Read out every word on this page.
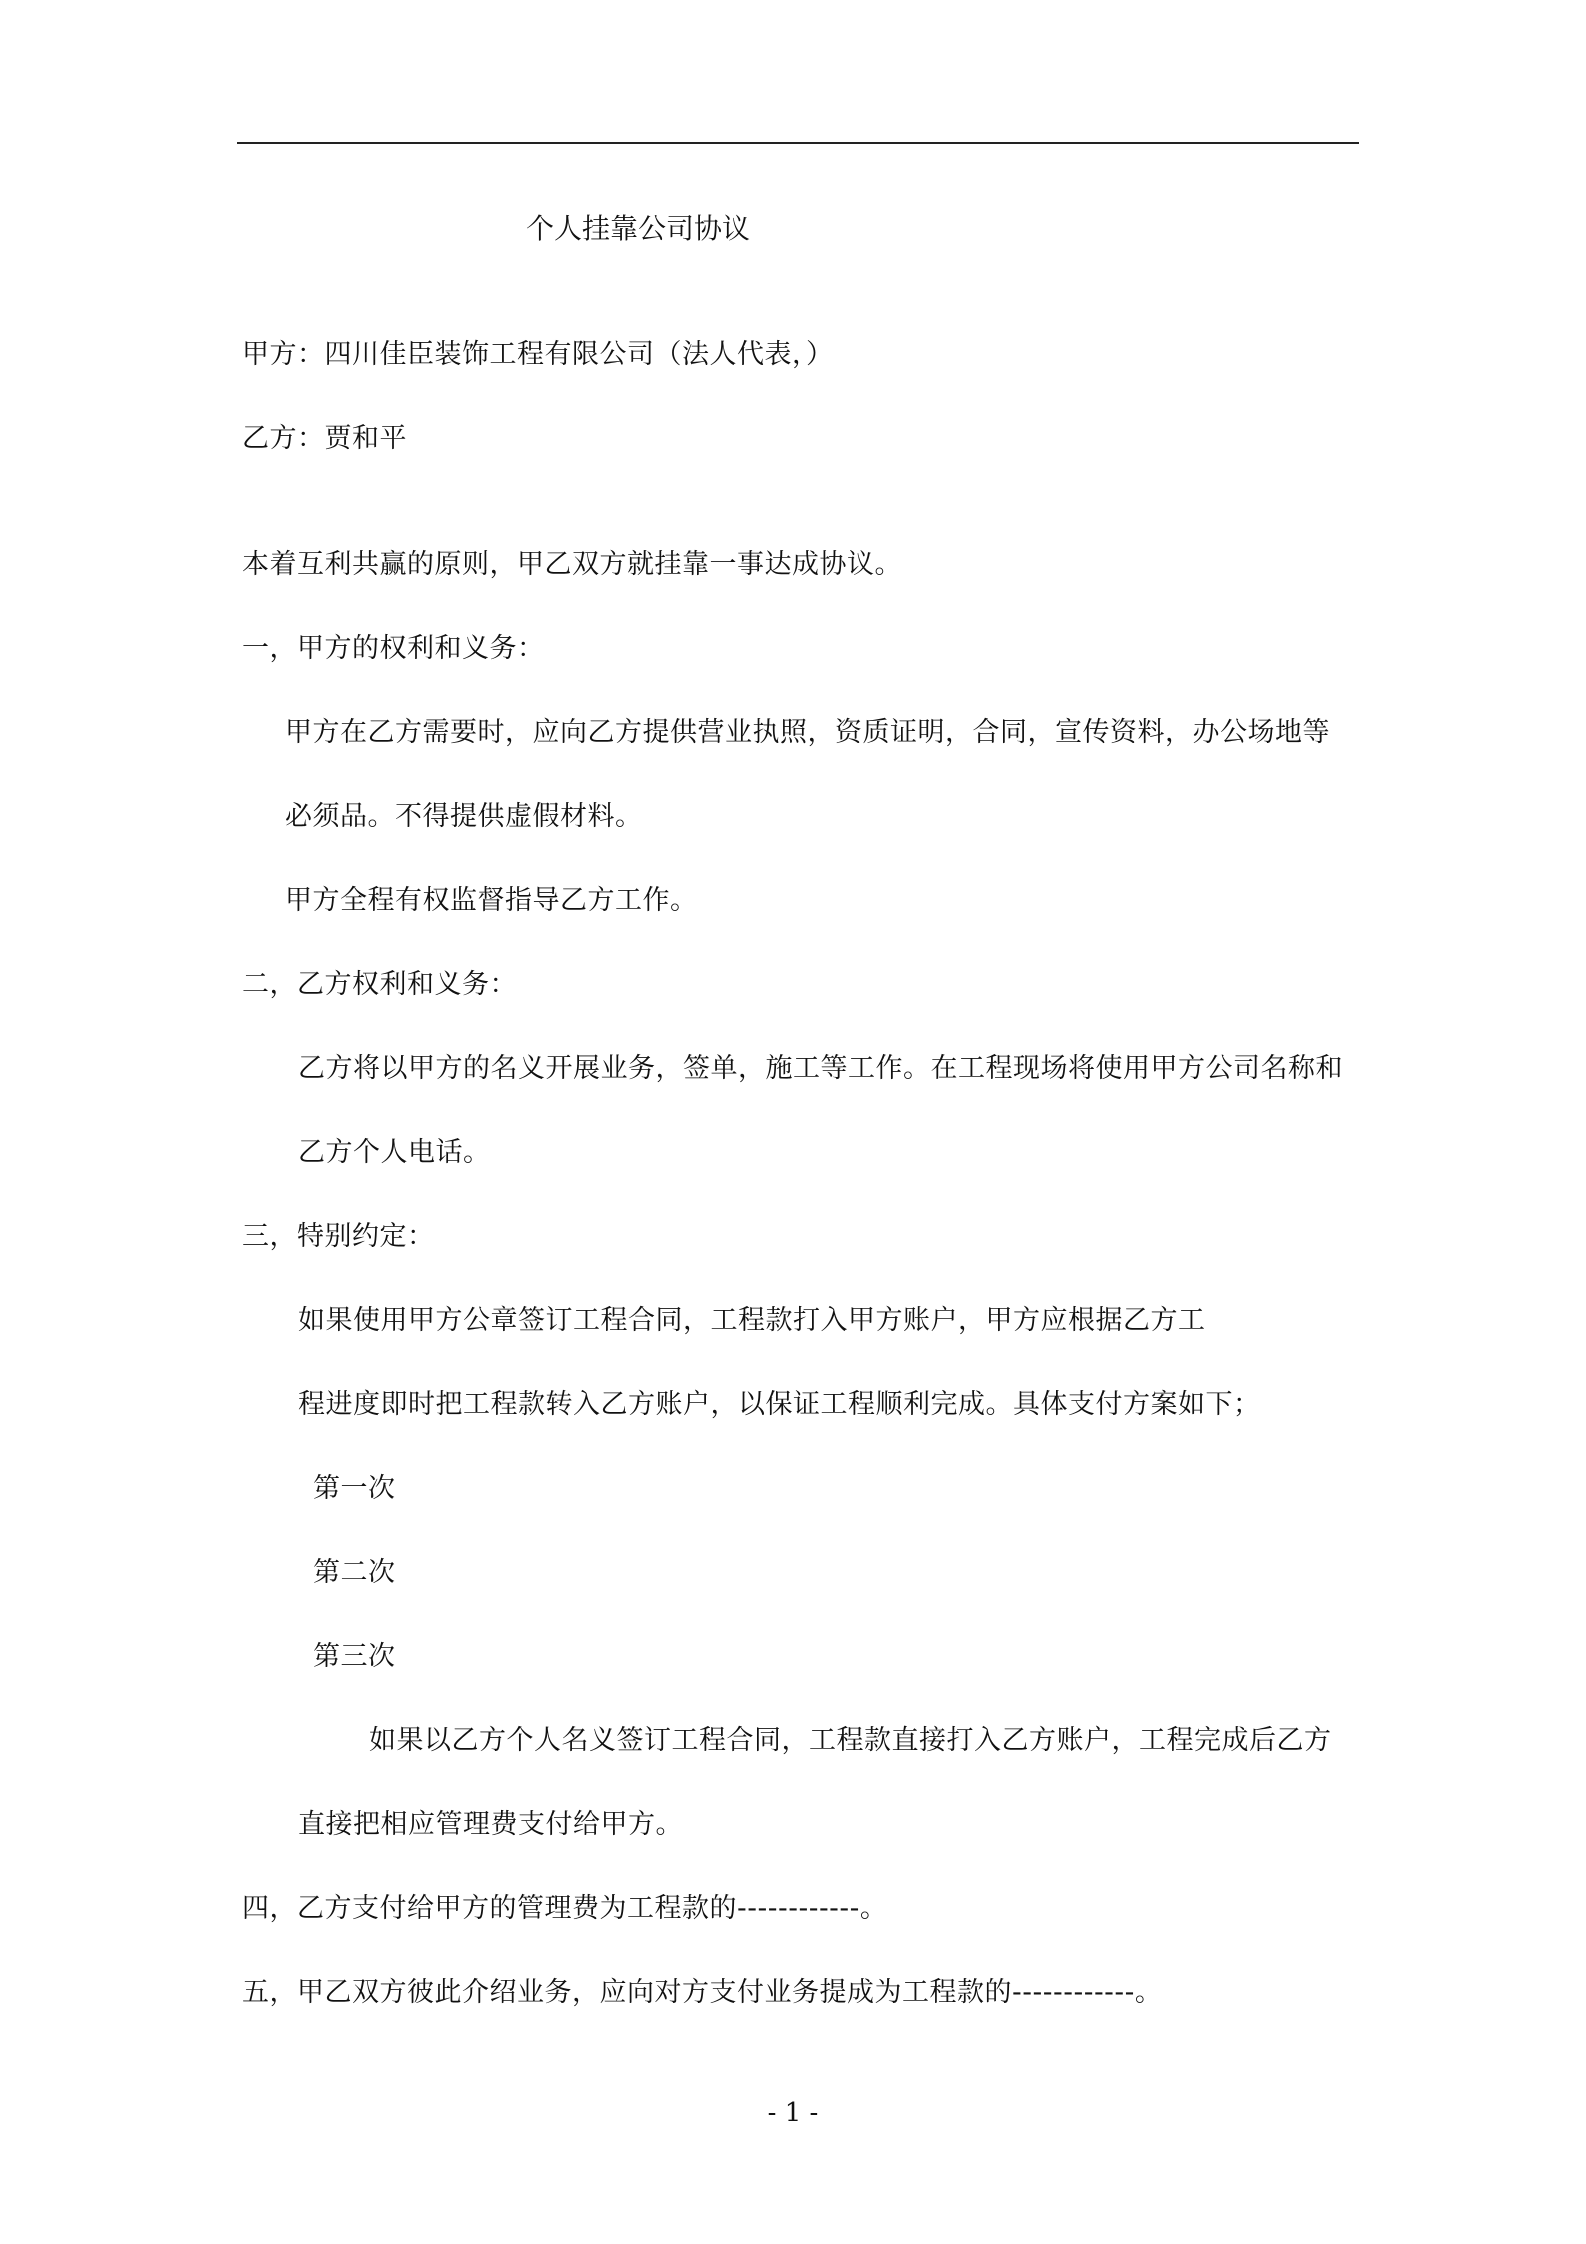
个人挂靠公司协议
甲方：四川佳臣装饰工程有限公司（法人代表，）
乙方：贾和平
本着互利共赢的原则，甲乙双方就挂靠一事达成协议。
一，甲方的权利和义务：
甲方在乙方需要时，应向乙方提供营业执照，资质证明，合同，宣传资料，办公场地等
必须品。不得提供虚假材料。
甲方全程有权监督指导乙方工作。
二，乙方权利和义务：
乙方将以甲方的名义开展业务，签单，施工等工作。在工程现场将使用甲方公司名称和
乙方个人电话。
三，特别约定：
如果使用甲方公章签订工程合同，工程款打入甲方账户，甲方应根据乙方工
程进度即时把工程款转入乙方账户，以保证工程顺利完成。具体支付方案如下；
第一次
第二次
第三次
如果以乙方个人名义签订工程合同，工程款直接打入乙方账户，工程完成后乙方
直接把相应管理费支付给甲方。
四，乙方支付给甲方的管理费为工程款的------------。
五，甲乙双方彼此介绍业务，应向对方支付业务提成为工程款的------------。
- 1 -
